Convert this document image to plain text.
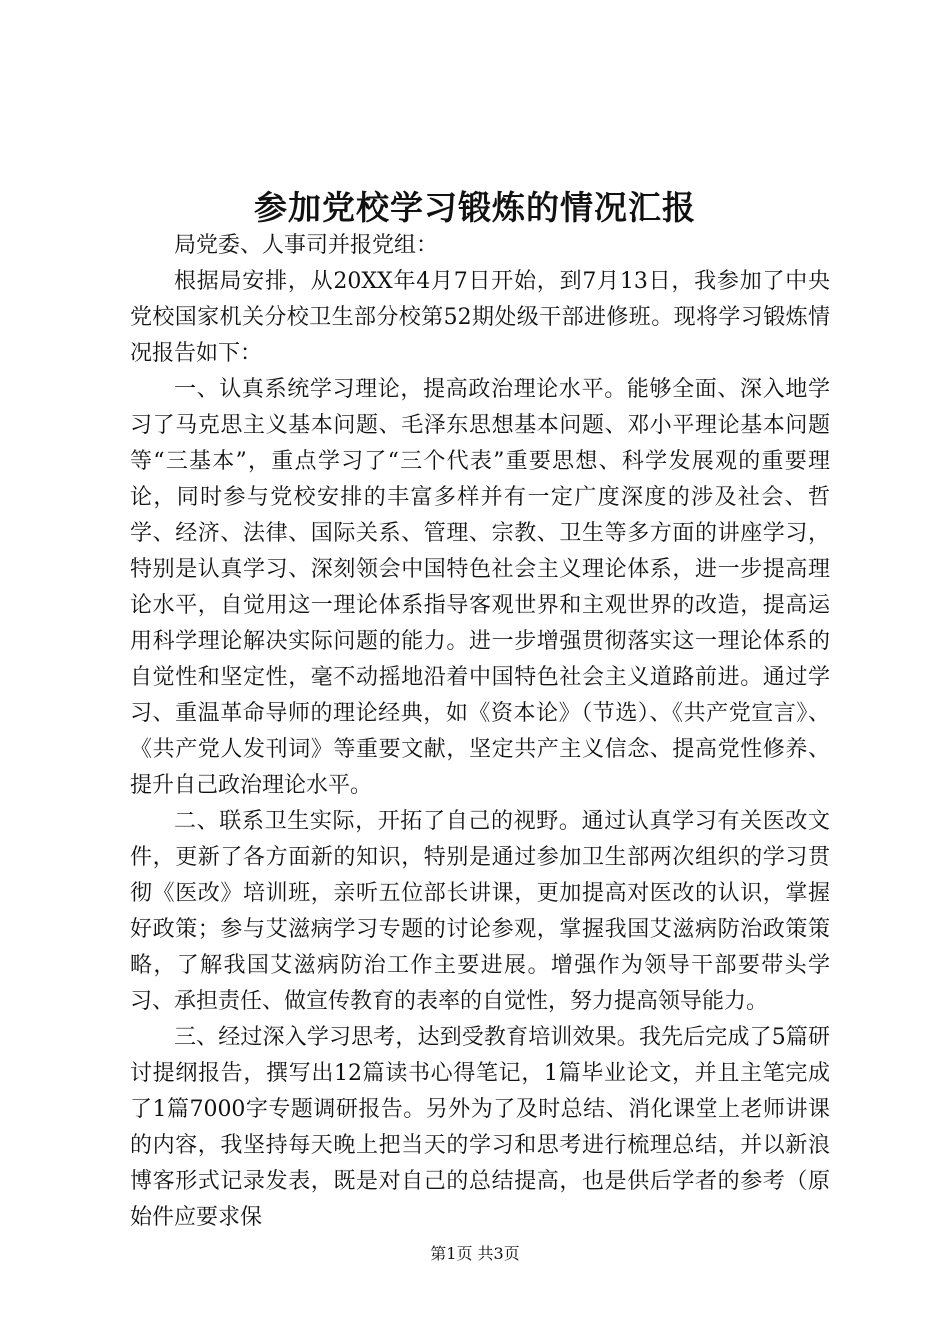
参加党校学习锻炼的情况汇报

局党委、人事司并报党组：

根据局安排，从20XX年4月7日开始，到7月13日，我参加了中央党校国家机关分校卫生部分校第52期处级干部进修班。现将学习锻炼情况报告如下：

一、认真系统学习理论，提高政治理论水平。能够全面、深入地学习了马克思主义基本问题、毛泽东思想基本问题、邓小平理论基本问题等“三基本”，重点学习了“三个代表”重要思想、科学发展观的重要理论，同时参与党校安排的丰富多样并有一定广度深度的涉及社会、哲学、经济、法律、国际关系、管理、宗教、卫生等多方面的讲座学习，特别是认真学习、深刻领会中国特色社会主义理论体系，进一步提高理论水平，自觉用这一理论体系指导客观世界和主观世界的改造，提高运用科学理论解决实际问题的能力。进一步增强贯彻落实这一理论体系的自觉性和坚定性，毫不动摇地沿着中国特色社会主义道路前进。通过学习、重温革命导师的理论经典，如《资本论》（节选）、《共产党宣言》、《共产党人发刊词》等重要文献，坚定共产主义信念、提高党性修养、提升自己政治理论水平。

二、联系卫生实际，开拓了自己的视野。通过认真学习有关医改文件，更新了各方面新的知识，特别是通过参加卫生部两次组织的学习贯彻《医改》培训班，亲听五位部长讲课，更加提高对医改的认识，掌握好政策；参与艾滋病学习专题的讨论参观，掌握我国艾滋病防治政策策略，了解我国艾滋病防治工作主要进展。增强作为领导干部要带头学习、承担责任、做宣传教育的表率的自觉性，努力提高领导能力。

三、经过深入学习思考，达到受教育培训效果。我先后完成了5篇研讨提纲报告，撰写出12篇读书心得笔记，1篇毕业论文，并且主笔完成了1篇7000字专题调研报告。另外为了及时总结、消化课堂上老师讲课的内容，我坚持每天晚上把当天的学习和思考进行梳理总结，并以新浪博客形式记录发表，既是对自己的总结提高，也是供后学者的参考（原始件应要求保

第1页 共3页
